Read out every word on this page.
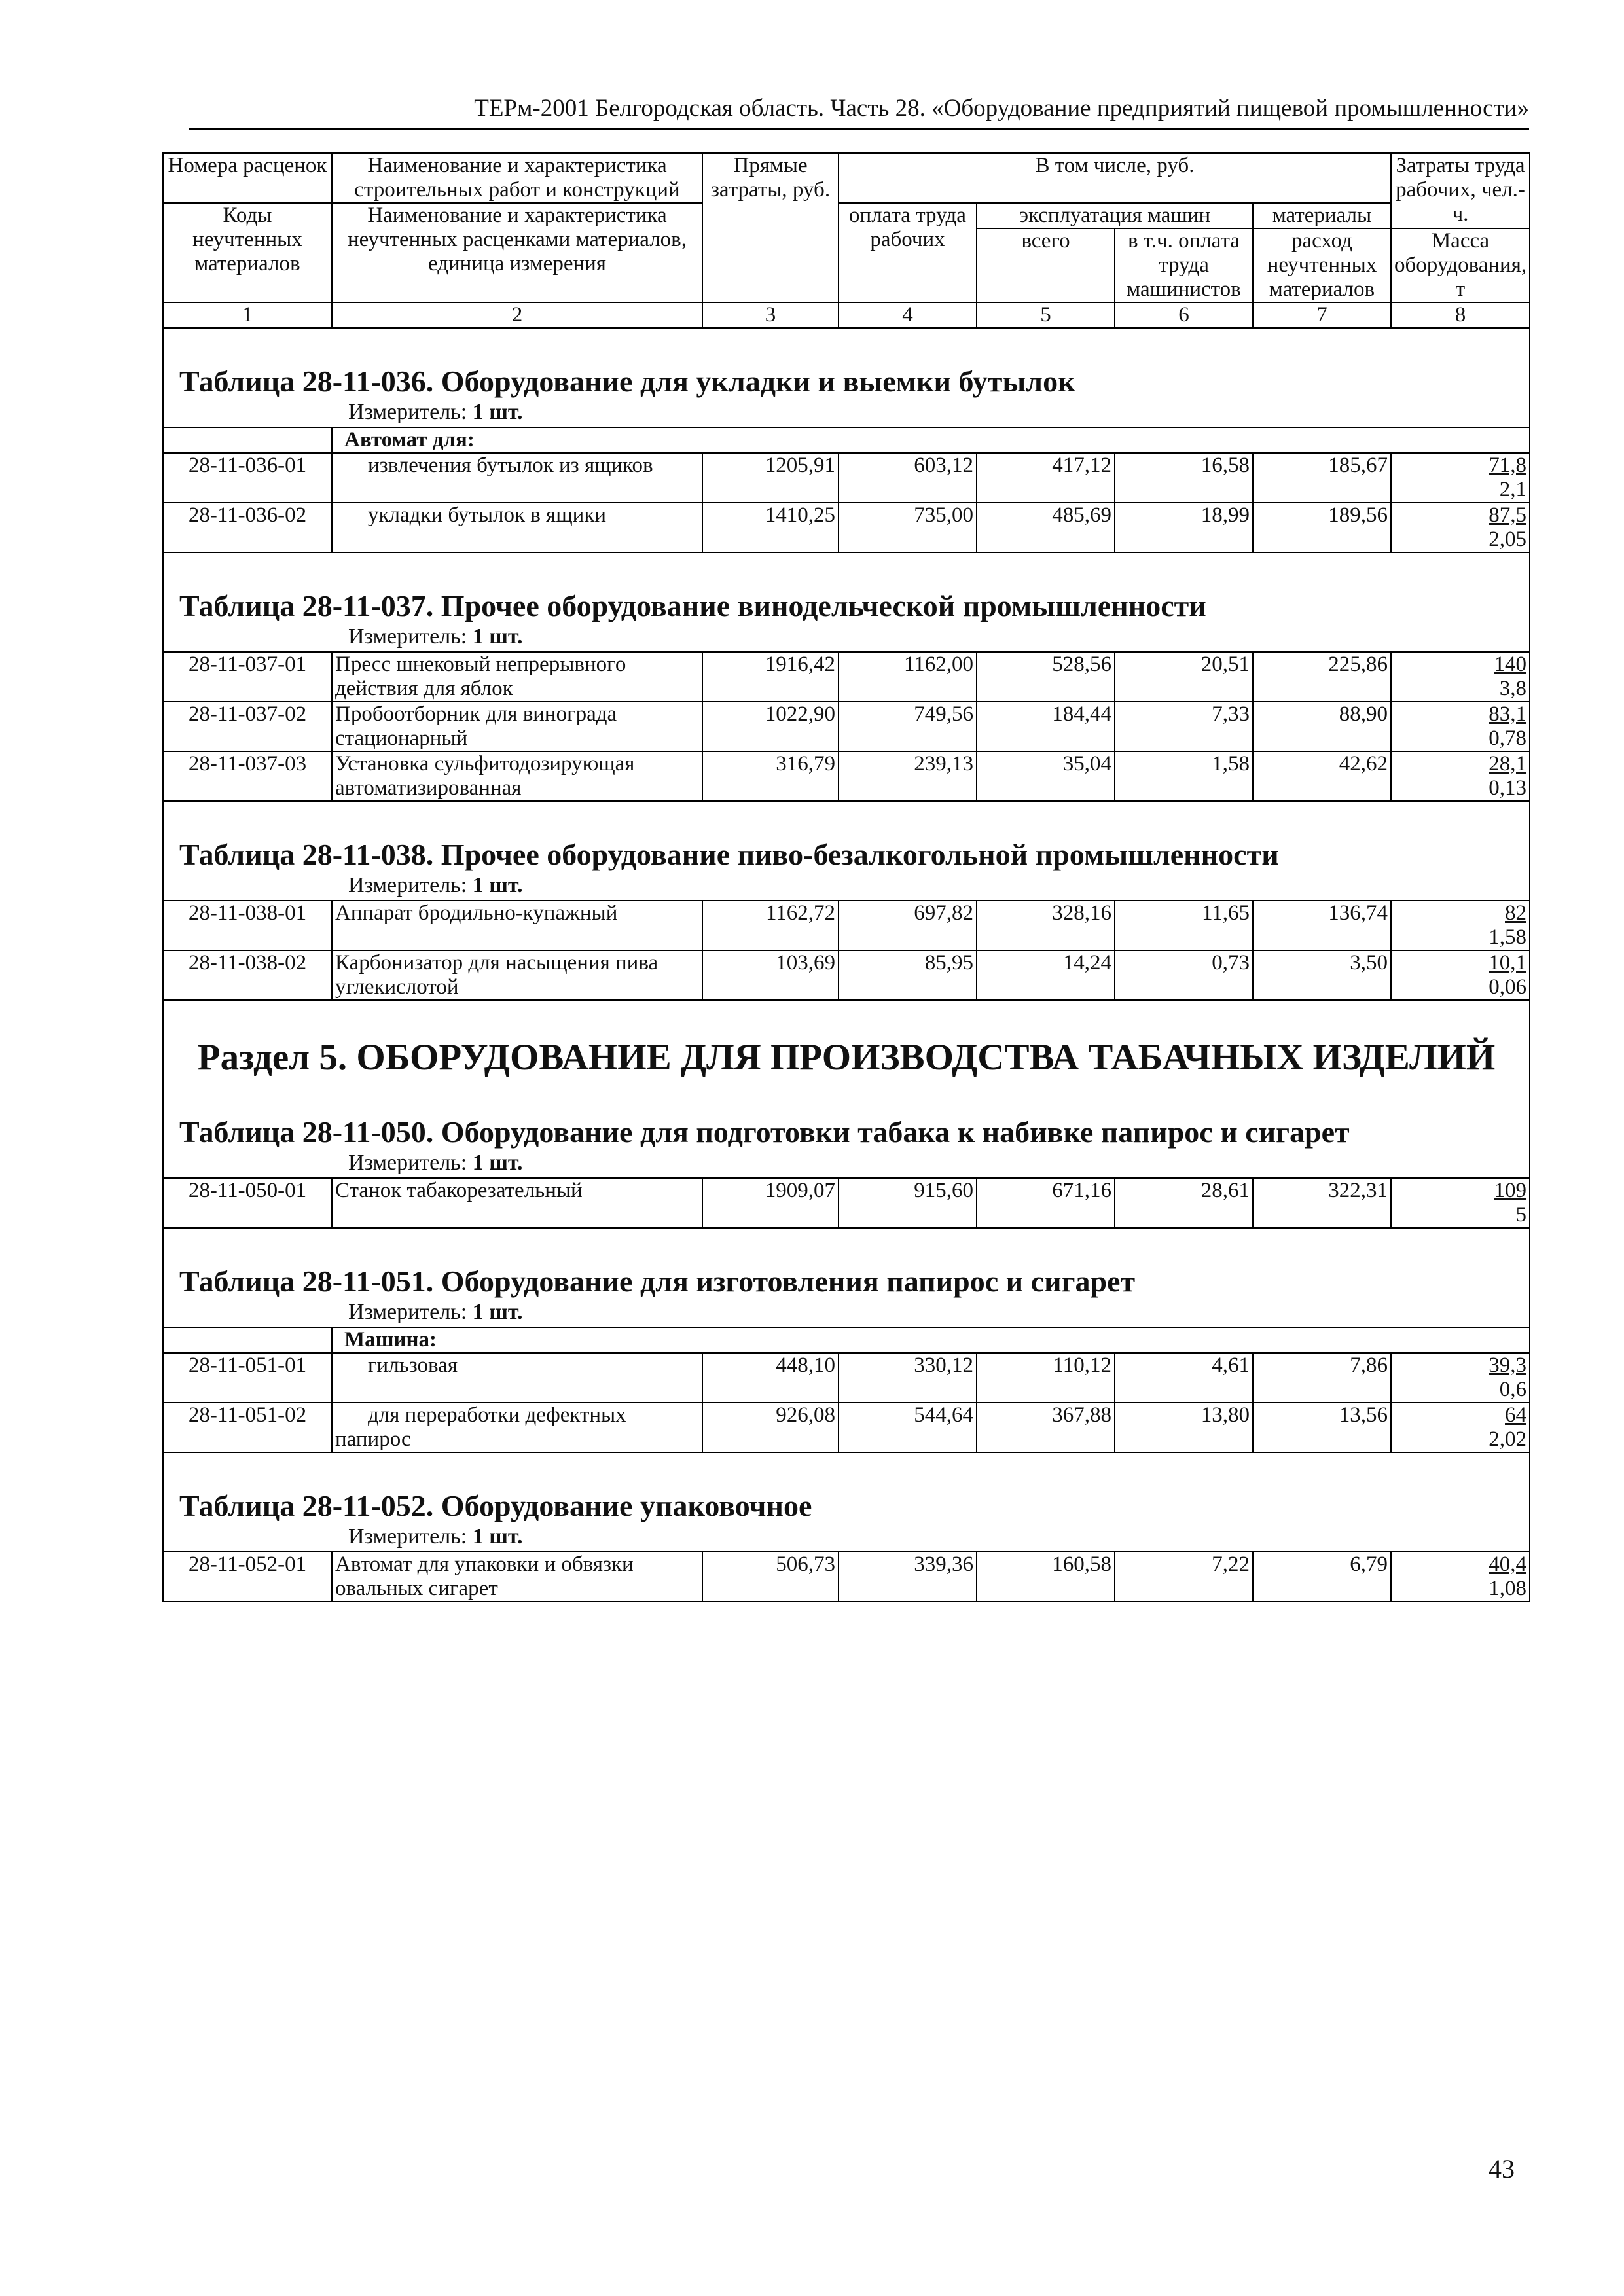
ТЕРм-2001 Белгородская область. Часть 28. «Оборудование предприятий пищевой промышленности»
Номера расценок	Наименование и характеристика строительных работ и конструкций	Прямые затраты, руб.	В том числе, руб.				Затраты труда рабочих, чел.-ч.
Коды неучтенных материалов	Наименование и характеристика неучтенных расценками материалов, единица измерения		оплата труда рабочих	эксплуатация машин		материалы	
				всего	в т.ч. оплата труда машинистов	расход неучтенных материалов	
							Масса оборудования, т
1	2	3	4	5	6	7	8

Таблица 28-11-036. Оборудование для укладки и выемки бутылок
Измеритель: 1 шт.							

	Автомат для:						
28-11-036-01	извлечения бутылок из ящиков	1205,91	603,12	417,12	16,58	185,67	71,8
2,1

28-11-036-02	укладки бутылок в ящики	1410,25	735,00	485,69	18,99	189,56	87,5
2,05

Таблица 28-11-037. Прочее оборудование винодельческой промышленности
Измеритель: 1 шт.							

28-11-037-01	Пресс шнековый непрерывного действия для яблок	1916,42	1162,00	528,56	20,51	225,86	140
3,8

28-11-037-02	Пробоотборник для винограда стационарный	1022,90	749,56	184,44	7,33	88,90	83,1
0,78

28-11-037-03	Установка сульфитодозирующая автоматизированная	316,79	239,13	35,04	1,58	42,62	28,1
0,13

Таблица 28-11-038. Прочее оборудование пиво-безалкогольной промышленности
Измеритель: 1 шт.							

28-11-038-01	Аппарат бродильно-купажный	1162,72	697,82	328,16	11,65	136,74	82
1,58

28-11-038-02	Карбонизатор для насыщения пива углекислотой	103,69	85,95	14,24	0,73	3,50	10,1
0,06

Раздел 5. ОБОРУДОВАНИЕ ДЛЯ ПРОИЗВОДСТВА ТАБАЧНЫХ ИЗДЕЛИЙ
Таблица 28-11-050. Оборудование для подготовки табака к набивке папирос и сигарет
Измеритель: 1 шт.							

28-11-050-01	Станок табакорезательный	1909,07	915,60	671,16	28,61	322,31	109
5

Таблица 28-11-051. Оборудование для изготовления папирос и сигарет
Измеритель: 1 шт.							

	Машина:						
28-11-051-01	гильзовая	448,10	330,12	110,12	4,61	7,86	39,3
0,6

28-11-051-02	для переработки дефектных папирос	926,08	544,64	367,88	13,80	13,56	64
2,02

Таблица 28-11-052. Оборудование упаковочное
Измеритель: 1 шт.							

28-11-052-01	Автомат для упаковки и обвязки овальных сигарет	506,73	339,36	160,58	7,22	6,79	40,4
1,08
43
